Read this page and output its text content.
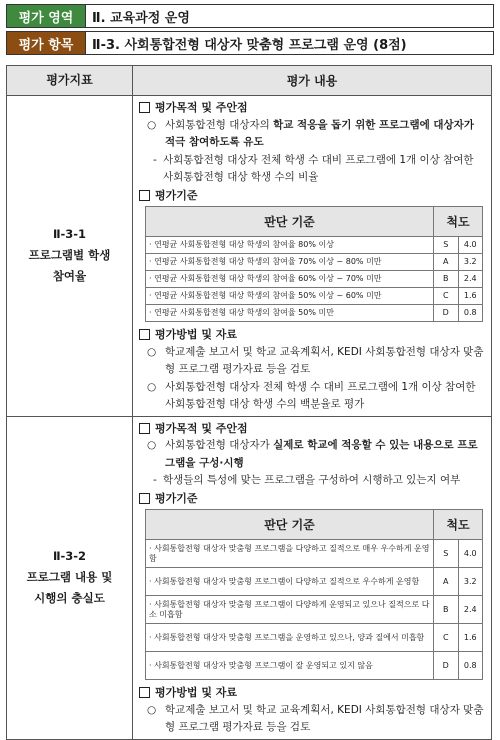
평가 영역	Ⅱ. 교육과정 운영
평가 항목	Ⅱ-3. 사회통합전형 대상자 맞춤형 프로그램 운영 (8점)
평가지표	평가 내용

Ⅱ-3-1
프로그램별 학생
참여율

평가목적 및 주안점
○ 사회통합전형 대상자의 학교 적응을 돕기 위한 프로그램에 대상자가 적극 참여하도록 유도
- 사회통합전형 대상자 전체 학생 수 대비 프로그램에 1개 이상 참여한 사회통합전형 대상 학생 수의 비율
평가기준
판단 기준	척도
· 연평균 사회통합전형 대상 학생의 참여율 80% 이상	S	4.0
· 연평균 사회통합전형 대상 학생의 참여율 70% 이상 ~ 80% 미만	A	3.2
· 연평균 사회통합전형 대상 학생의 참여율 60% 이상 ~ 70% 미만	B	2.4
· 연평균 사회통합전형 대상 학생의 참여율 50% 이상 ~ 60% 미만	C	1.6
· 연평균 사회통합전형 대상 학생의 참여율 50% 미만	D	0.8
평가방법 및 자료
○ 학교제출 보고서 및 학교 교육계획서, KEDI 사회통합전형 대상자 맞춤형 프로그램 평가자료 등을 검토
○ 사회통합전형 대상자 전체 학생 수 대비 프로그램에 1개 이상 참여한 사회통합전형 대상 학생 수의 백분율로 평가

Ⅱ-3-2
프로그램 내용 및
시행의 충실도

평가목적 및 주안점
○ 사회통합전형 대상자가 실제로 학교에 적응할 수 있는 내용으로 프로그램을 구성·시행
- 학생들의 특성에 맞는 프로그램을 구성하여 시행하고 있는지 여부
평가기준
판단 기준	척도
· 사회통합전형 대상자 맞춤형 프로그램을 다양하고 질적으로 매우 우수하게 운영함	S	4.0
· 사회통합전형 대상자 맞춤형 프로그램이 다양하고 질적으로 우수하게 운영함	A	3.2
· 사회통합전형 대상자 맞춤형 프로그램이 다양하게 운영되고 있으나 질적으로 다소 미흡함	B	2.4
· 사회통합전형 대상자 맞춤형 프로그램을 운영하고 있으나, 양과 질에서 미흡함	C	1.6
· 사회통합전형 대상자 맞춤형 프로그램이 잘 운영되고 있지 않음	D	0.8
평가방법 및 자료
○ 학교제출 보고서 및 학교 교육계획서, KEDI 사회통합전형 대상자 맞춤형 프로그램 평가자료 등을 검토
